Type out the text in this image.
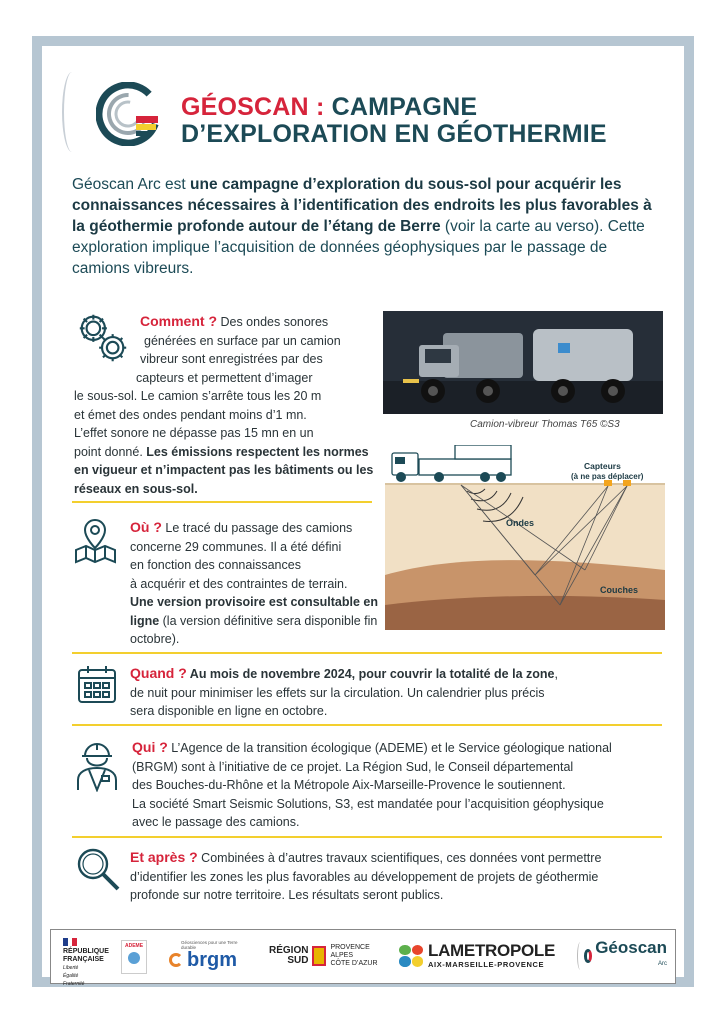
GÉOSCAN : CAMPAGNE
D’EXPLORATION EN GÉOTHERMIE
Géoscan Arc est une campagne d’exploration du sous-sol pour acquérir les connaissances nécessaires à l’identification des endroits les plus favorables à la géothermie profonde autour de l’étang de Berre (voir la carte au verso). Cette exploration implique l’acquisition de données géophysiques par le passage de camions vibreurs.
Comment ? Des ondes sonores
générées en surface par un camion
vibreur sont enregistrées par des
capteurs et permettent d’imager
le sous-sol. Le camion s’arrête tous les 20 m
et émet des ondes pendant moins d’1 mn.
L’effet sonore ne dépasse pas 15 mn en un
point donné. Les émissions respectent les normes en vigueur et n’impactent pas les bâtiments ou les réseaux en sous-sol.
Camion-vibreur Thomas T65 ©S3
Capteurs
(à ne pas déplacer)
Ondes
Couches
Où ? Le tracé du passage des camions
concerne 29 communes. Il a été défini
en fonction des connaissances
à acquérir et des contraintes de terrain.
Une version provisoire est consultable en ligne (la version définitive sera disponible fin octobre).
Quand ? Au mois de novembre 2024, pour couvrir la totalité de la zone,
de nuit pour minimiser les effets sur la circulation. Un calendrier plus précis
sera disponible en ligne en octobre.
Qui ? L’Agence de la transition écologique (ADEME) et le Service géologique national
(BRGM) sont à l’initiative de ce projet. La Région Sud, le Conseil départemental
des Bouches-du-Rhône et la Métropole Aix-Marseille-Provence le soutiennent.
La société Smart Seismic Solutions, S3, est mandatée pour l’acquisition géophysique
avec le passage des camions.
Et après ? Combinées à d’autres travaux scientifiques, ces données vont permettre
d’identifier les zones les plus favorables au développement de projets de géothermie
profonde sur notre territoire. Les résultats seront publics.
RÉPUBLIQUE
FRANÇAISE
Liberté Égalité Fraternité
ADEME
Géosciences pour une Terre durable
brgm	RÉGION
SUD
PROVENCE
ALPES
CÔTE D’AZUR
LAMETROPOLE
AIX-MARSEILLE-PROVENCE
Géoscan
Arc
